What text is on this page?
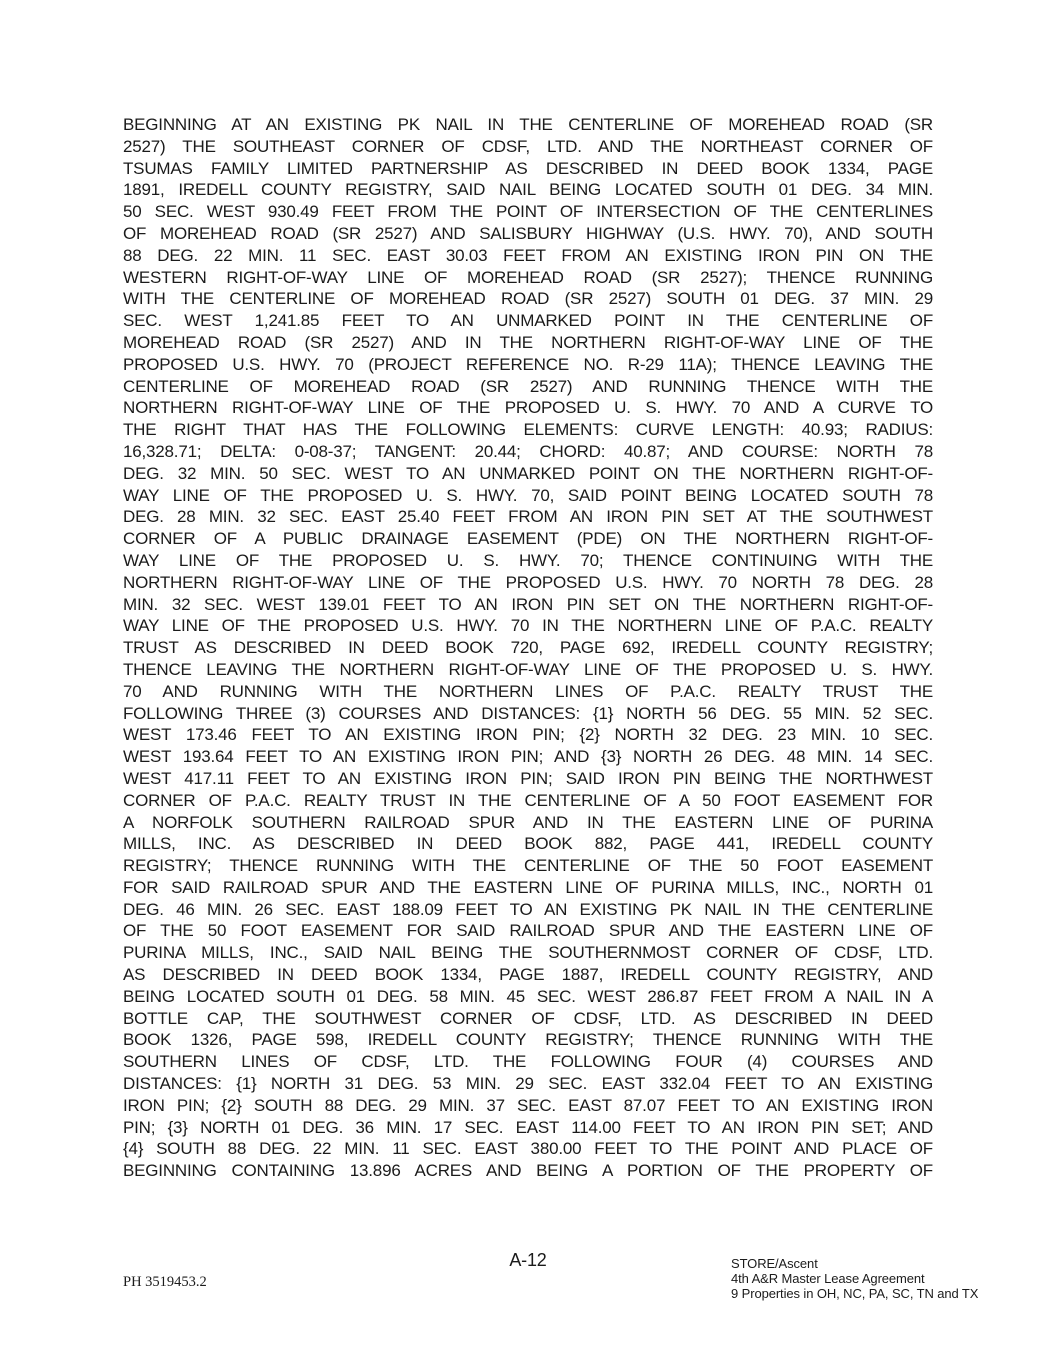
BEGINNING AT AN EXISTING PK NAIL IN THE CENTERLINE OF MOREHEAD ROAD (SR
2527) THE SOUTHEAST CORNER OF CDSF, LTD. AND THE NORTHEAST CORNER OF
TSUMAS FAMILY LIMITED PARTNERSHIP AS DESCRIBED IN DEED BOOK 1334, PAGE
1891, IREDELL COUNTY REGISTRY, SAID NAIL BEING LOCATED SOUTH 01 DEG. 34 MIN.
50 SEC. WEST 930.49 FEET FROM THE POINT OF INTERSECTION OF THE CENTERLINES
OF MOREHEAD ROAD (SR 2527) AND SALISBURY HIGHWAY (U.S. HWY. 70), AND SOUTH
88 DEG. 22 MIN. 11 SEC. EAST 30.03 FEET FROM AN EXISTING IRON PIN ON THE
WESTERN RIGHT-OF-WAY LINE OF MOREHEAD ROAD (SR 2527); THENCE RUNNING
WITH THE CENTERLINE OF MOREHEAD ROAD (SR 2527) SOUTH 01 DEG. 37 MIN. 29
SEC. WEST 1,241.85 FEET TO AN UNMARKED POINT IN THE CENTERLINE OF
MOREHEAD ROAD (SR 2527) AND IN THE NORTHERN RIGHT-OF-WAY LINE OF THE
PROPOSED U.S. HWY. 70 (PROJECT REFERENCE NO. R-29 11A); THENCE LEAVING THE
CENTERLINE OF MOREHEAD ROAD (SR 2527) AND RUNNING THENCE WITH THE
NORTHERN RIGHT-OF-WAY LINE OF THE PROPOSED U. S. HWY. 70 AND A CURVE TO
THE RIGHT THAT HAS THE FOLLOWING ELEMENTS: CURVE LENGTH: 40.93; RADIUS:
16,328.71; DELTA: 0-08-37; TANGENT: 20.44; CHORD: 40.87; AND COURSE: NORTH 78
DEG. 32 MIN. 50 SEC. WEST TO AN UNMARKED POINT ON THE NORTHERN RIGHT-OF-
WAY LINE OF THE PROPOSED U. S. HWY. 70, SAID POINT BEING LOCATED SOUTH 78
DEG. 28 MIN. 32 SEC. EAST 25.40 FEET FROM AN IRON PIN SET AT THE SOUTHWEST
CORNER OF A PUBLIC DRAINAGE EASEMENT (PDE) ON THE NORTHERN RIGHT-OF-
WAY LINE OF THE PROPOSED U. S. HWY. 70; THENCE CONTINUING WITH THE
NORTHERN RIGHT-OF-WAY LINE OF THE PROPOSED U.S. HWY. 70 NORTH 78 DEG. 28
MIN. 32 SEC. WEST 139.01 FEET TO AN IRON PIN SET ON THE NORTHERN RIGHT-OF-
WAY LINE OF THE PROPOSED U.S. HWY. 70 IN THE NORTHERN LINE OF P.A.C. REALTY
TRUST AS DESCRIBED IN DEED BOOK 720, PAGE 692, IREDELL COUNTY REGISTRY;
THENCE LEAVING THE NORTHERN RIGHT-OF-WAY LINE OF THE PROPOSED U. S. HWY.
70 AND RUNNING WITH THE NORTHERN LINES OF P.A.C. REALTY TRUST THE
FOLLOWING THREE (3) COURSES AND DISTANCES: {1} NORTH 56 DEG. 55 MIN. 52 SEC.
WEST 173.46 FEET TO AN EXISTING IRON PIN; {2} NORTH 32 DEG. 23 MIN. 10 SEC.
WEST 193.64 FEET TO AN EXISTING IRON PIN; AND {3} NORTH 26 DEG. 48 MIN. 14 SEC.
WEST 417.11 FEET TO AN EXISTING IRON PIN; SAID IRON PIN BEING THE NORTHWEST
CORNER OF P.A.C. REALTY TRUST IN THE CENTERLINE OF A 50 FOOT EASEMENT FOR
A NORFOLK SOUTHERN RAILROAD SPUR AND IN THE EASTERN LINE OF PURINA
MILLS, INC. AS DESCRIBED IN DEED BOOK 882, PAGE 441, IREDELL COUNTY
REGISTRY; THENCE RUNNING WITH THE CENTERLINE OF THE 50 FOOT EASEMENT
FOR SAID RAILROAD SPUR AND THE EASTERN LINE OF PURINA MILLS, INC., NORTH 01
DEG. 46 MIN. 26 SEC. EAST 188.09 FEET TO AN EXISTING PK NAIL IN THE CENTERLINE
OF THE 50 FOOT EASEMENT FOR SAID RAILROAD SPUR AND THE EASTERN LINE OF
PURINA MILLS, INC., SAID NAIL BEING THE SOUTHERNMOST CORNER OF CDSF, LTD.
AS DESCRIBED IN DEED BOOK 1334, PAGE 1887, IREDELL COUNTY REGISTRY, AND
BEING LOCATED SOUTH 01 DEG. 58 MIN. 45 SEC. WEST 286.87 FEET FROM A NAIL IN A
BOTTLE CAP, THE SOUTHWEST CORNER OF CDSF, LTD. AS DESCRIBED IN DEED
BOOK 1326, PAGE 598, IREDELL COUNTY REGISTRY; THENCE RUNNING WITH THE
SOUTHERN LINES OF CDSF, LTD. THE FOLLOWING FOUR (4) COURSES AND
DISTANCES: {1} NORTH 31 DEG. 53 MIN. 29 SEC. EAST 332.04 FEET TO AN EXISTING
IRON PIN; {2} SOUTH 88 DEG. 29 MIN. 37 SEC. EAST 87.07 FEET TO AN EXISTING IRON
PIN; {3} NORTH 01 DEG. 36 MIN. 17 SEC. EAST 114.00 FEET TO AN IRON PIN SET; AND
{4} SOUTH 88 DEG. 22 MIN. 11 SEC. EAST 380.00 FEET TO THE POINT AND PLACE OF
BEGINNING CONTAINING 13.896 ACRES AND BEING A PORTION OF THE PROPERTY OF
A-12
PH 3519453.2
STORE/Ascent
4th A&R Master Lease Agreement
9 Properties in OH, NC, PA, SC, TN and TX
